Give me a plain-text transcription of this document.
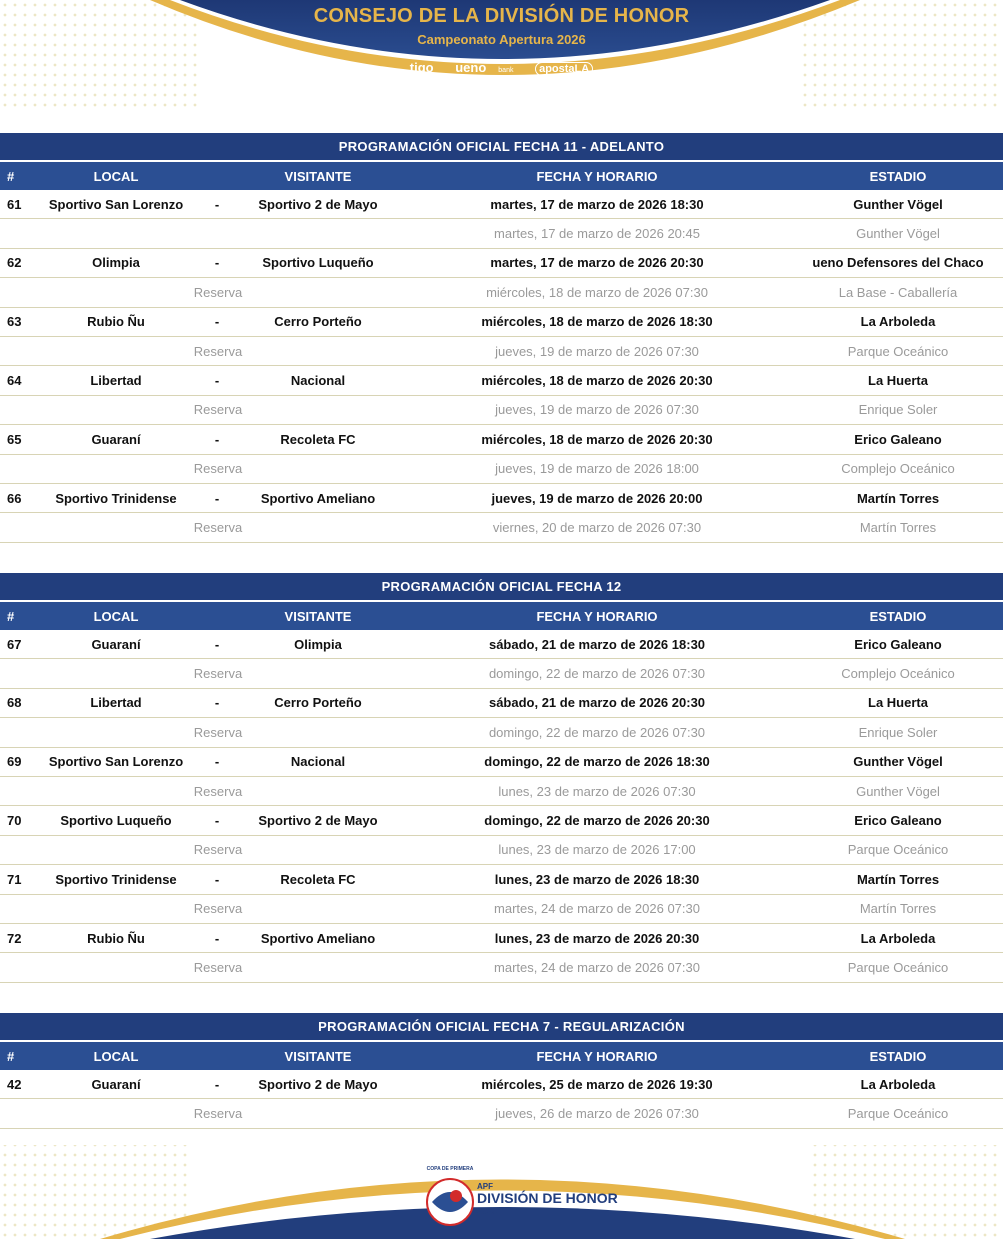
CONSEJO DE LA DIVISIÓN DE HONOR
Campeonato Apertura 2026
tigo ueno bank apostaLA
PROGRAMACIÓN OFICIAL FECHA 11 - ADELANTO
#	LOCAL	VISITANTE	FECHA Y HORARIO	ESTADIO
61	Sportivo San Lorenzo	-	Sportivo 2 de Mayo	martes, 17 de marzo de 2026 18:30	Gunther Vögel
martes, 17 de marzo de 2026 20:45	Gunther Vögel
62	Olimpia	-	Sportivo Luqueño	martes, 17 de marzo de 2026 20:30	ueno Defensores del Chaco
Reserva	miércoles, 18 de marzo de 2026 07:30	La Base - Caballería
63	Rubio Ñu	-	Cerro Porteño	miércoles, 18 de marzo de 2026 18:30	La Arboleda
Reserva	jueves, 19 de marzo de 2026 07:30	Parque Oceánico
64	Libertad	-	Nacional	miércoles, 18 de marzo de 2026 20:30	La Huerta
Reserva	jueves, 19 de marzo de 2026 07:30	Enrique Soler
65	Guaraní	-	Recoleta FC	miércoles, 18 de marzo de 2026 20:30	Erico Galeano
Reserva	jueves, 19 de marzo de 2026 18:00	Complejo Oceánico
66	Sportivo Trinidense	-	Sportivo Ameliano	jueves, 19 de marzo de 2026 20:00	Martín Torres
Reserva	viernes, 20 de marzo de 2026 07:30	Martín Torres
PROGRAMACIÓN OFICIAL FECHA 12
#	LOCAL	VISITANTE	FECHA Y HORARIO	ESTADIO
67	Guaraní	-	Olimpia	sábado, 21 de marzo de 2026 18:30	Erico Galeano
Reserva	domingo, 22 de marzo de 2026 07:30	Complejo Oceánico
68	Libertad	-	Cerro Porteño	sábado, 21 de marzo de 2026 20:30	La Huerta
Reserva	domingo, 22 de marzo de 2026 07:30	Enrique Soler
69	Sportivo San Lorenzo	-	Nacional	domingo, 22 de marzo de 2026 18:30	Gunther Vögel
Reserva	lunes, 23 de marzo de 2026 07:30	Gunther Vögel
70	Sportivo Luqueño	-	Sportivo 2 de Mayo	domingo, 22 de marzo de 2026 20:30	Erico Galeano
Reserva	lunes, 23 de marzo de 2026 17:00	Parque Oceánico
71	Sportivo Trinidense	-	Recoleta FC	lunes, 23 de marzo de 2026 18:30	Martín Torres
Reserva	martes, 24 de marzo de 2026 07:30	Martín Torres
72	Rubio Ñu	-	Sportivo Ameliano	lunes, 23 de marzo de 2026 20:30	La Arboleda
Reserva	martes, 24 de marzo de 2026 07:30	Parque Oceánico
PROGRAMACIÓN OFICIAL FECHA 7 - REGULARIZACIÓN
#	LOCAL	VISITANTE	FECHA Y HORARIO	ESTADIO
42	Guaraní	-	Sportivo 2 de Mayo	miércoles, 25 de marzo de 2026 19:30	La Arboleda
Reserva	jueves, 26 de marzo de 2026 07:30	Parque Oceánico
COPA DE PRIMERA
APF
DIVISIÓN DE HONOR
2026
